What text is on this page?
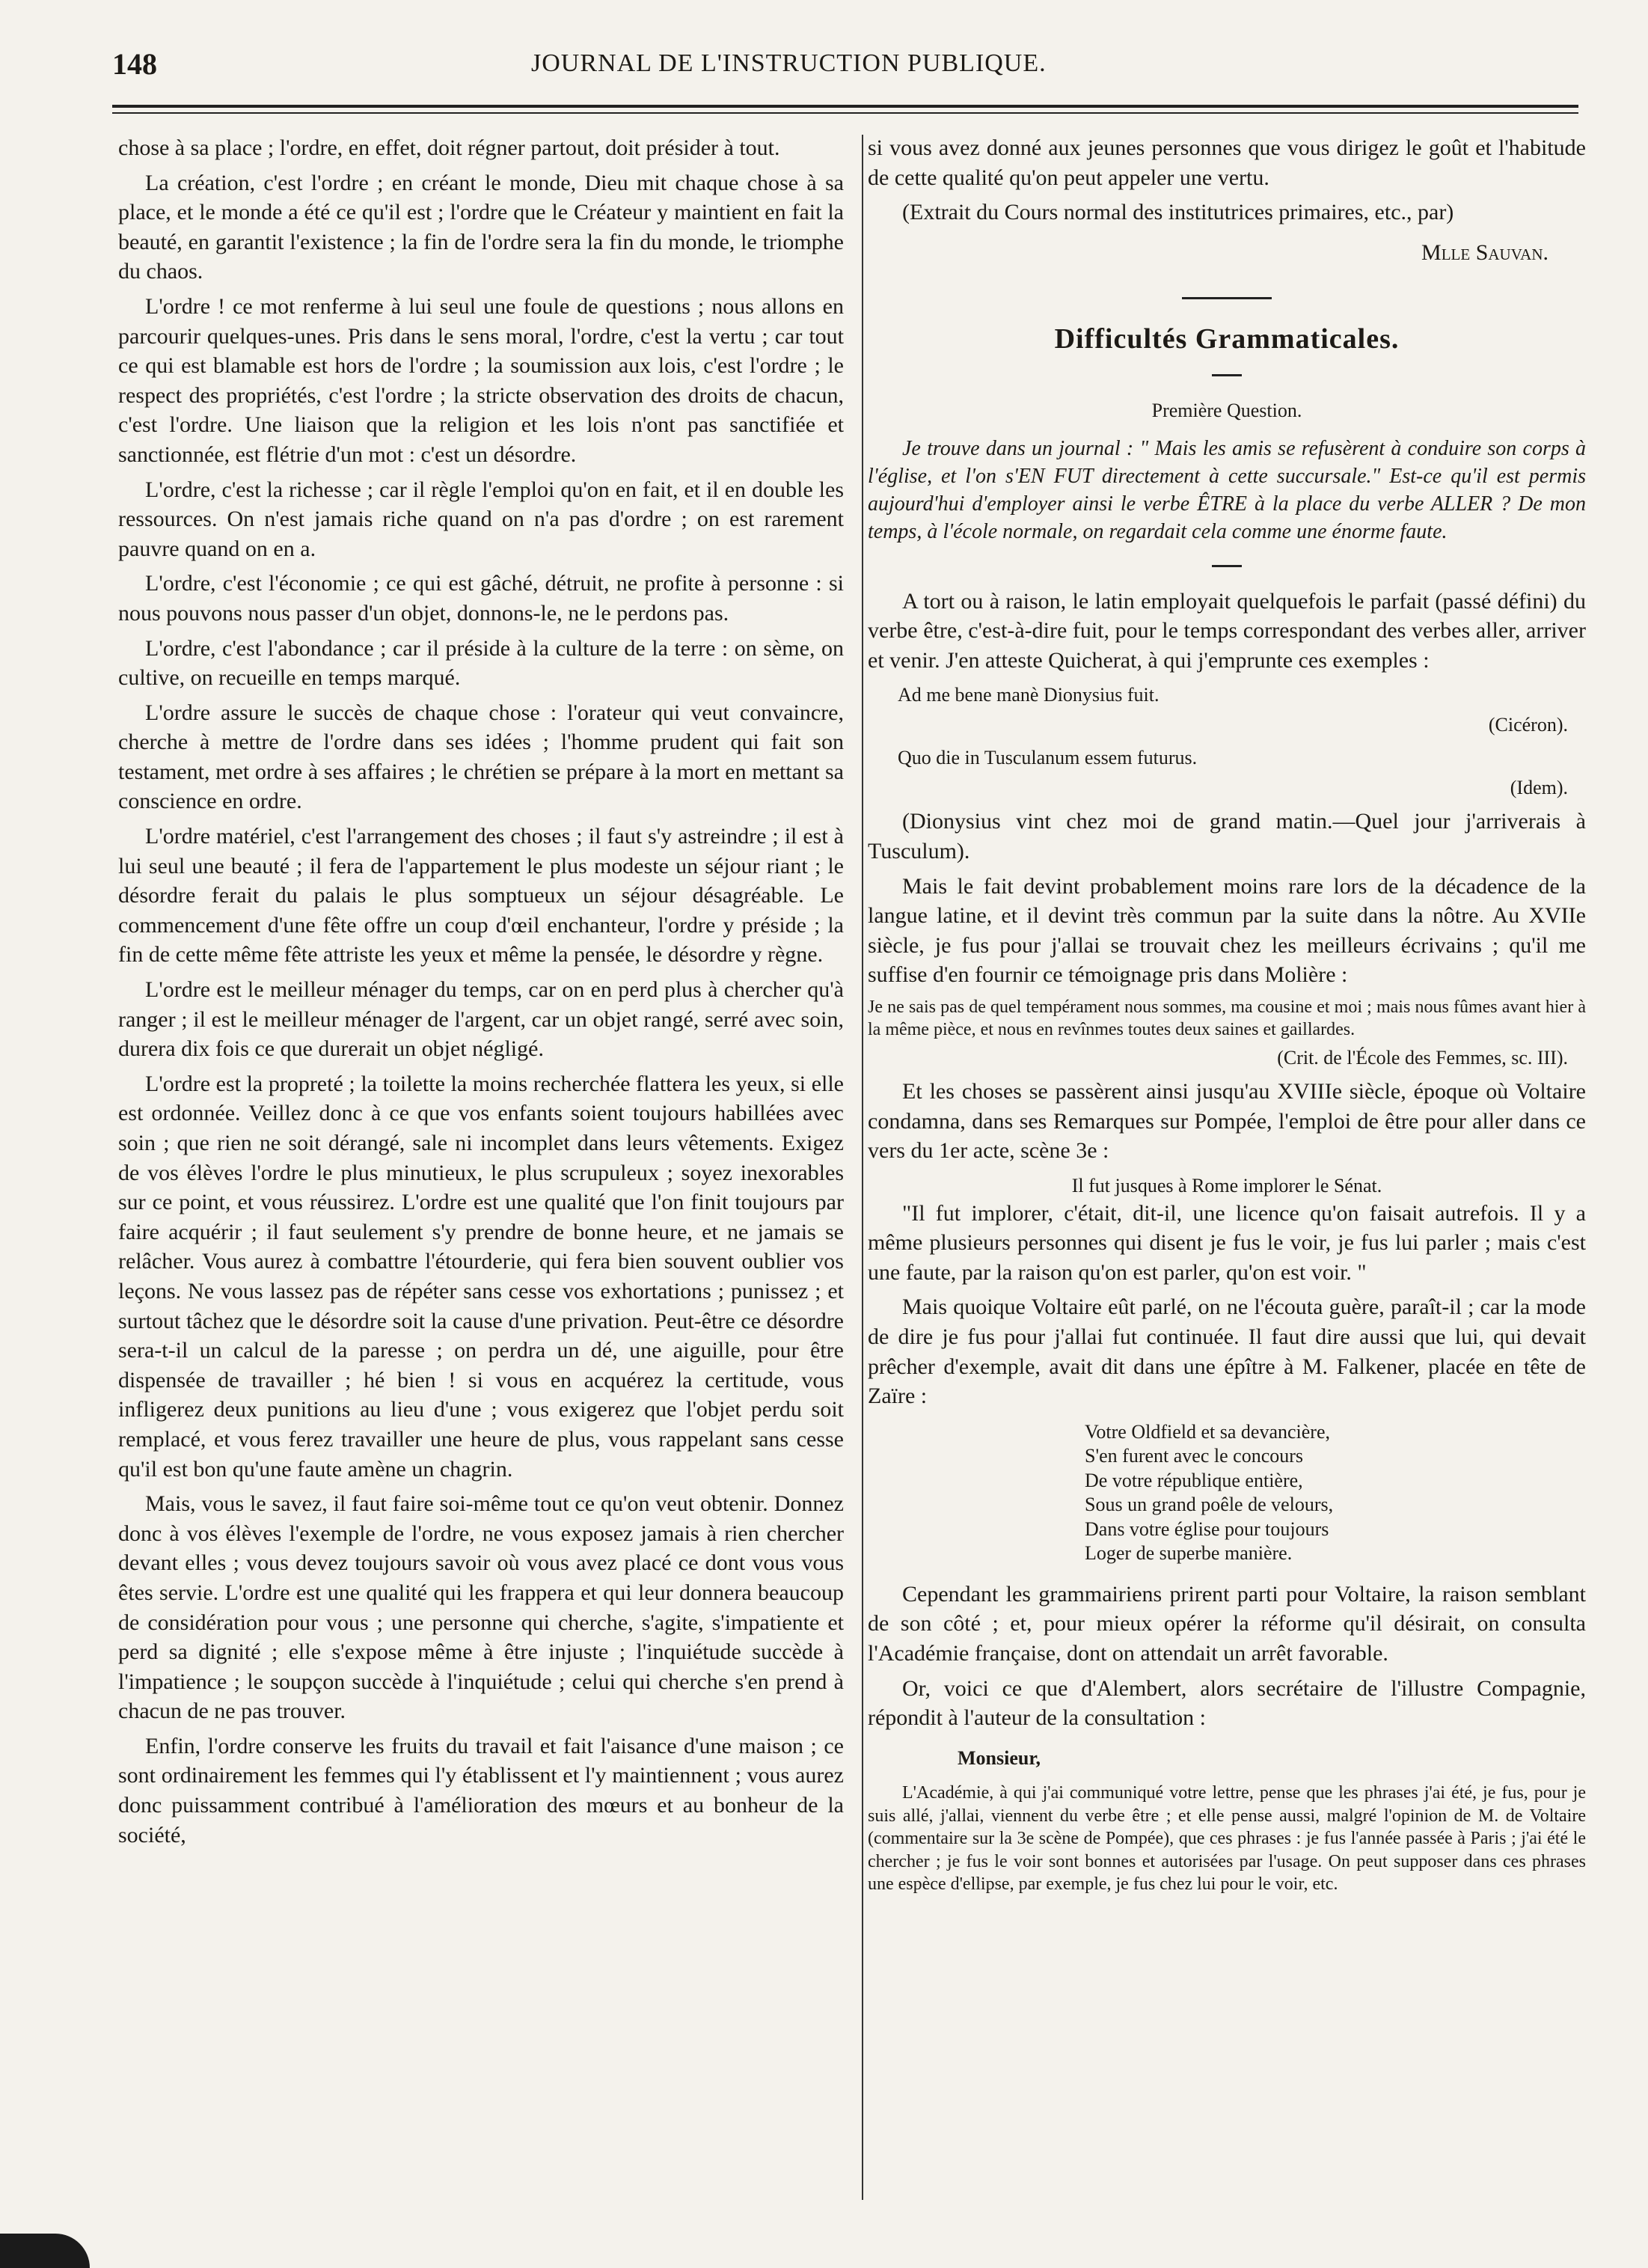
148	JOURNAL DE L'INSTRUCTION PUBLIQUE.

chose à sa place ; l'ordre, en effet, doit régner partout, doit présider à tout.

La création, c'est l'ordre ; en créant le monde, Dieu mit chaque chose à sa place, et le monde a été ce qu'il est ; l'ordre que le Créateur y maintient en fait la beauté, en garantit l'existence ; la fin de l'ordre sera la fin du monde, le triomphe du chaos.

L'ordre ! ce mot renferme à lui seul une foule de questions ; nous allons en parcourir quelques-unes. Pris dans le sens moral, l'ordre, c'est la vertu ; car tout ce qui est blamable est hors de l'ordre ; la soumission aux lois, c'est l'ordre ; le respect des propriétés, c'est l'ordre ; la stricte observation des droits de chacun, c'est l'ordre. Une liaison que la religion et les lois n'ont pas sanctifiée et sanctionnée, est flétrie d'un mot : c'est un désordre.

L'ordre, c'est la richesse ; car il règle l'emploi qu'on en fait, et il en double les ressources. On n'est jamais riche quand on n'a pas d'ordre ; on est rarement pauvre quand on en a.

L'ordre, c'est l'économie ; ce qui est gâché, détruit, ne profite à personne : si nous pouvons nous passer d'un objet, donnons-le, ne le perdons pas.

L'ordre, c'est l'abondance ; car il préside à la culture de la terre : on sème, on cultive, on recueille en temps marqué.

L'ordre assure le succès de chaque chose : l'orateur qui veut convaincre, cherche à mettre de l'ordre dans ses idées ; l'homme prudent qui fait son testament, met ordre à ses affaires ; le chrétien se prépare à la mort en mettant sa conscience en ordre.

L'ordre matériel, c'est l'arrangement des choses ; il faut s'y astreindre ; il est à lui seul une beauté ; il fera de l'appartement le plus modeste un séjour riant ; le désordre ferait du palais le plus somptueux un séjour désagréable. Le commencement d'une fête offre un coup d'œil enchanteur, l'ordre y préside ; la fin de cette même fête attriste les yeux et même la pensée, le désordre y règne.

L'ordre est le meilleur ménager du temps, car on en perd plus à chercher qu'à ranger ; il est le meilleur ménager de l'argent, car un objet rangé, serré avec soin, durera dix fois ce que durerait un objet négligé.

L'ordre est la propreté ; la toilette la moins recherchée flattera les yeux, si elle est ordonnée. Veillez donc à ce que vos enfants soient toujours habillées avec soin ; que rien ne soit dérangé, sale ni incomplet dans leurs vêtements. Exigez de vos élèves l'ordre le plus minutieux, le plus scrupuleux ; soyez inexorables sur ce point, et vous réussirez. L'ordre est une qualité que l'on finit toujours par faire acquérir ; il faut seulement s'y prendre de bonne heure, et ne jamais se relâcher. Vous aurez à combattre l'étourderie, qui fera bien souvent oublier vos leçons. Ne vous lassez pas de répéter sans cesse vos exhortations ; punissez ; et surtout tâchez que le désordre soit la cause d'une privation. Peut-être ce désordre sera-t-il un calcul de la paresse ; on perdra un dé, une aiguille, pour être dispensée de travailler ; hé bien ! si vous en acquérez la certitude, vous infligerez deux punitions au lieu d'une ; vous exigerez que l'objet perdu soit remplacé, et vous ferez travailler une heure de plus, vous rappelant sans cesse qu'il est bon qu'une faute amène un chagrin.

Mais, vous le savez, il faut faire soi-même tout ce qu'on veut obtenir. Donnez donc à vos élèves l'exemple de l'ordre, ne vous exposez jamais à rien chercher devant elles ; vous devez toujours savoir où vous avez placé ce dont vous vous êtes servie. L'ordre est une qualité qui les frappera et qui leur donnera beaucoup de considération pour vous ; une personne qui cherche, s'agite, s'impatiente et perd sa dignité ; elle s'expose même à être injuste ; l'inquiétude succède à l'impatience ; le soupçon succède à l'inquiétude ; celui qui cherche s'en prend à chacun de ne pas trouver.

Enfin, l'ordre conserve les fruits du travail et fait l'aisance d'une maison ; ce sont ordinairement les femmes qui l'y établissent et l'y maintiennent ; vous aurez donc puissamment contribué à l'amélioration des mœurs et au bonheur de la société,

si vous avez donné aux jeunes personnes que vous dirigez le goût et l'habitude de cette qualité qu'on peut appeler une vertu.

(Extrait du Cours normal des institutrices primaires, etc., par)

Mlle Sauvan.
Difficultés Grammaticales.
Première Question.

Je trouve dans un journal : " Mais les amis se refusèrent à conduire son corps à l'église, et l'on s'EN FUT directement à cette succursale." Est-ce qu'il est permis aujourd'hui d'employer ainsi le verbe ÊTRE à la place du verbe ALLER ? De mon temps, à l'école normale, on regardait cela comme une énorme faute.

A tort ou à raison, le latin employait quelquefois le parfait (passé défini) du verbe être, c'est-à-dire fuit, pour le temps correspondant des verbes aller, arriver et venir. J'en atteste Quicherat, à qui j'emprunte ces exemples :

Ad me bene manè Dionysius fuit.
(Cicéron).
Quo die in Tusculanum essem futurus.
(Idem).

(Dionysius vint chez moi de grand matin.—Quel jour j'arriverais à Tusculum).

Mais le fait devint probablement moins rare lors de la décadence de la langue latine, et il devint très commun par la suite dans la nôtre. Au XVIIe siècle, je fus pour j'allai se trouvait chez les meilleurs écrivains ; qu'il me suffise d'en fournir ce témoignage pris dans Molière :

Je ne sais pas de quel tempérament nous sommes, ma cousine et moi ; mais nous fûmes avant hier à la même pièce, et nous en revînmes toutes deux saines et gaillardes.
(Crit. de l'École des Femmes, sc. III).

Et les choses se passèrent ainsi jusqu'au XVIIIe siècle, époque où Voltaire condamna, dans ses Remarques sur Pompée, l'emploi de être pour aller dans ce vers du 1er acte, scène 3e :

Il fut jusques à Rome implorer le Sénat.

"Il fut implorer, c'était, dit-il, une licence qu'on faisait autrefois. Il y a même plusieurs personnes qui disent je fus le voir, je fus lui parler ; mais c'est une faute, par la raison qu'on est parler, qu'on est voir. "

Mais quoique Voltaire eût parlé, on ne l'écouta guère, paraît-il ; car la mode de dire je fus pour j'allai fut continuée. Il faut dire aussi que lui, qui devait prêcher d'exemple, avait dit dans une épître à M. Falkener, placée en tête de Zaïre :

Votre Oldfield et sa devancière,
S'en furent avec le concours
De votre république entière,
Sous un grand poêle de velours,
Dans votre église pour toujours
Loger de superbe manière.

Cependant les grammairiens prirent parti pour Voltaire, la raison semblant de son côté ; et, pour mieux opérer la réforme qu'il désirait, on consulta l'Académie française, dont on attendait un arrêt favorable.

Or, voici ce que d'Alembert, alors secrétaire de l'illustre Compagnie, répondit à l'auteur de la consultation :

Monsieur,

L'Académie, à qui j'ai communiqué votre lettre, pense que les phrases j'ai été, je fus, pour je suis allé, j'allai, viennent du verbe être ; et elle pense aussi, malgré l'opinion de M. de Voltaire (commentaire sur la 3e scène de Pompée), que ces phrases : je fus l'année passée à Paris ; j'ai été le chercher ; je fus le voir sont bonnes et autorisées par l'usage. On peut supposer dans ces phrases une espèce d'ellipse, par exemple, je fus chez lui pour le voir, etc.
